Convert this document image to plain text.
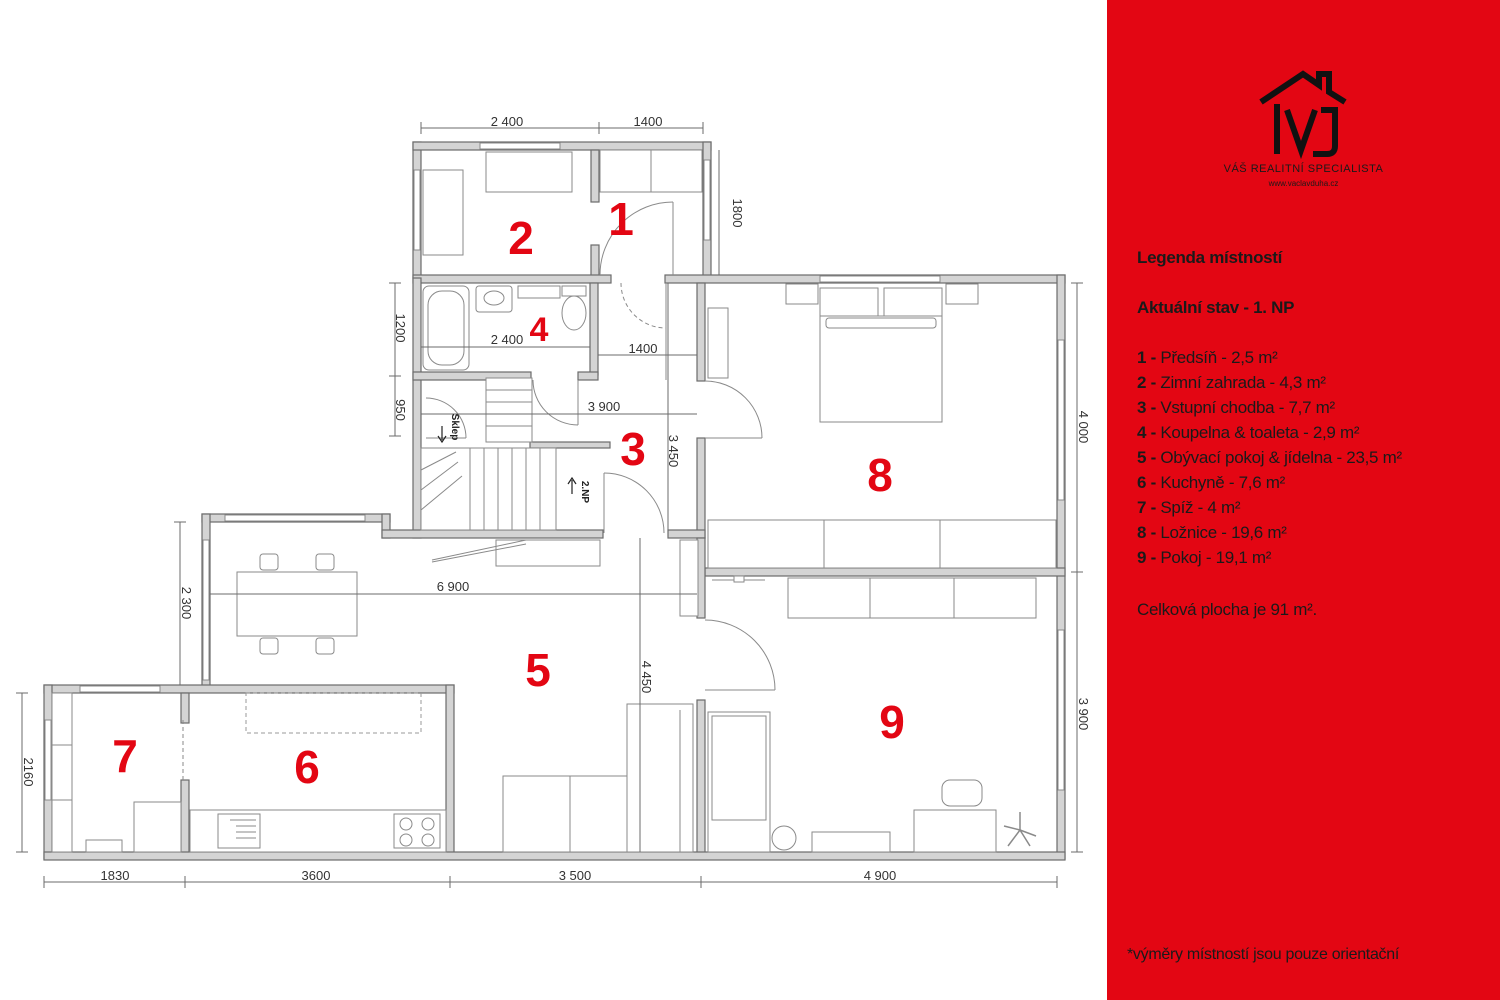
2 400	1400
1800
1200	2 400
1400
950	3 900
3 450
4 000
2 300
6 900
4 450
3 900
2160
1830	3600	3 500	4 900
Sklep
2.NP
1
2
3
4
5
6
7
8
9
VÁŠ REALITNÍ SPECIALISTA
www.vaclavduha.cz
Legenda místností
Aktuální stav - 1. NP
1 - Předsíň - 2,5 m²
2 - Zimní zahrada - 4,3 m²
3 - Vstupní chodba - 7,7 m²
4 - Koupelna & toaleta - 2,9 m²
5 - Obývací pokoj & jídelna - 23,5 m²
6 - Kuchyně - 7,6 m²
7 - Spíž - 4 m²
8 - Ložnice - 19,6 m²
9 - Pokoj - 19,1 m²
Celková plocha je 91 m².
*výměry místností jsou pouze orientační
